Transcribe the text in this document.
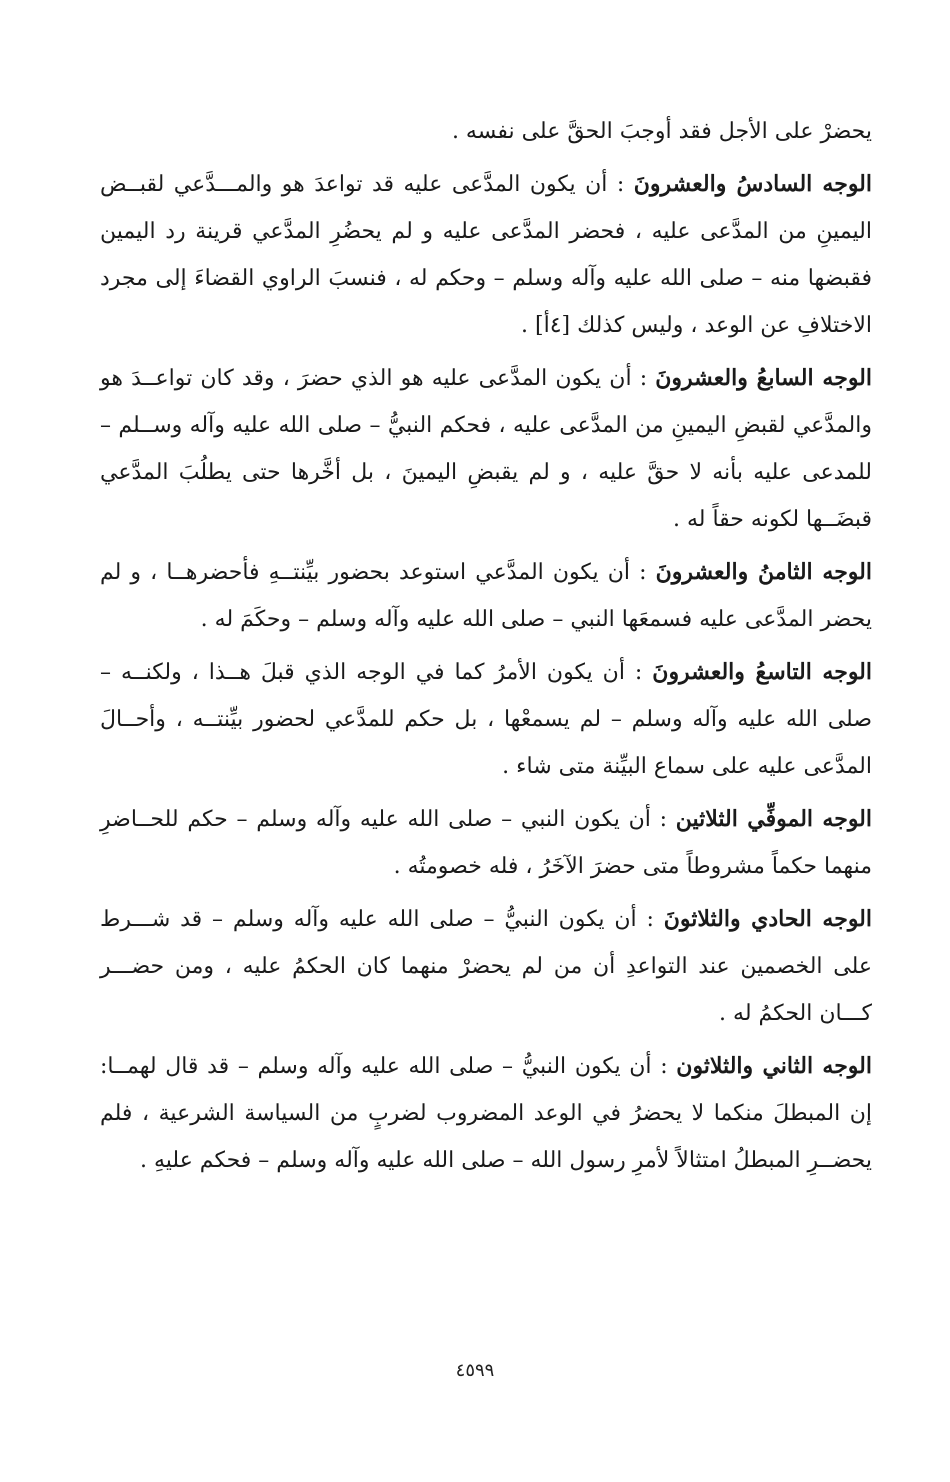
يحضرْ على الأجل فقد أوجبَ الحقَّ على نفسه .

الوجه السادسُ والعشرونَ : أن يكون المدَّعى عليه قد تواعدَ هو والمـــدَّعي لقبــض اليمينِ من المدَّعى عليه ، فحضر المدَّعى عليه و لم يحضُرِ المدَّعي قرينة رد اليمين فقبضها منه – صلى الله عليه وآله وسلم – وحكم له ، فنسبَ الراوي القضاءَ إلى مجرد الاختلافِ عن الوعد ، وليس كذلك [٤أ] .

الوجه السابعُ والعشرونَ : أن يكون المدَّعى عليه هو الذي حضرَ ، وقد كان تواعــدَ هو والمدَّعي لقبضِ اليمينِ من المدَّعى عليه ، فحكم النبيُّ – صلى الله عليه وآله وســلم – للمدعى عليه بأنه لا حقَّ عليه ، و لم يقبضِ اليمينَ ، بل أخَّرها حتى يطلُبَ المدَّعي قبضَــها لكونه حقاً له .

الوجه الثامنُ والعشرونَ : أن يكون المدَّعي استوعد بحضور بيِّنتــهِ فأحضرهــا ، و لم يحضر المدَّعى عليه فسمعَها النبي – صلى الله عليه وآله وسلم – وحكَمَ له .

الوجه التاسعُ والعشرونَ : أن يكون الأمرُ كما في الوجه الذي قبلَ هــذا ، ولكنــه – صلى الله عليه وآله وسلم – لم يسمعْها ، بل حكم للمدَّعي لحضور بيِّنتــه ، وأحــالَ المدَّعى عليه على سماع البيِّنة متى شاء .

الوجه الموفِّي الثلاثين : أن يكون النبي – صلى الله عليه وآله وسلم – حكم للحــاضرِ منهما حكماً مشروطاً متى حضرَ الآخَرُ ، فله خصومتُه .

الوجه الحادي والثلاثونَ : أن يكون النبيُّ – صلى الله عليه وآله وسلم – قد شـــرط على الخصمين عند التواعدِ أن من لم يحضرْ منهما كان الحكمُ عليه ، ومن حضـــر كـــان الحكمُ له .

الوجه الثاني والثلاثون : أن يكون النبيُّ – صلى الله عليه وآله وسلم – قد قال لهمــا: إن المبطلَ منكما لا يحضرُ في الوعد المضروب لضربٍ من السياسة الشرعية ، فلم يحضــرِ المبطلُ امتثالاً لأمرِ رسول الله – صلى الله عليه وآله وسلم – فحكم عليهِ .

٤٥٩٩
